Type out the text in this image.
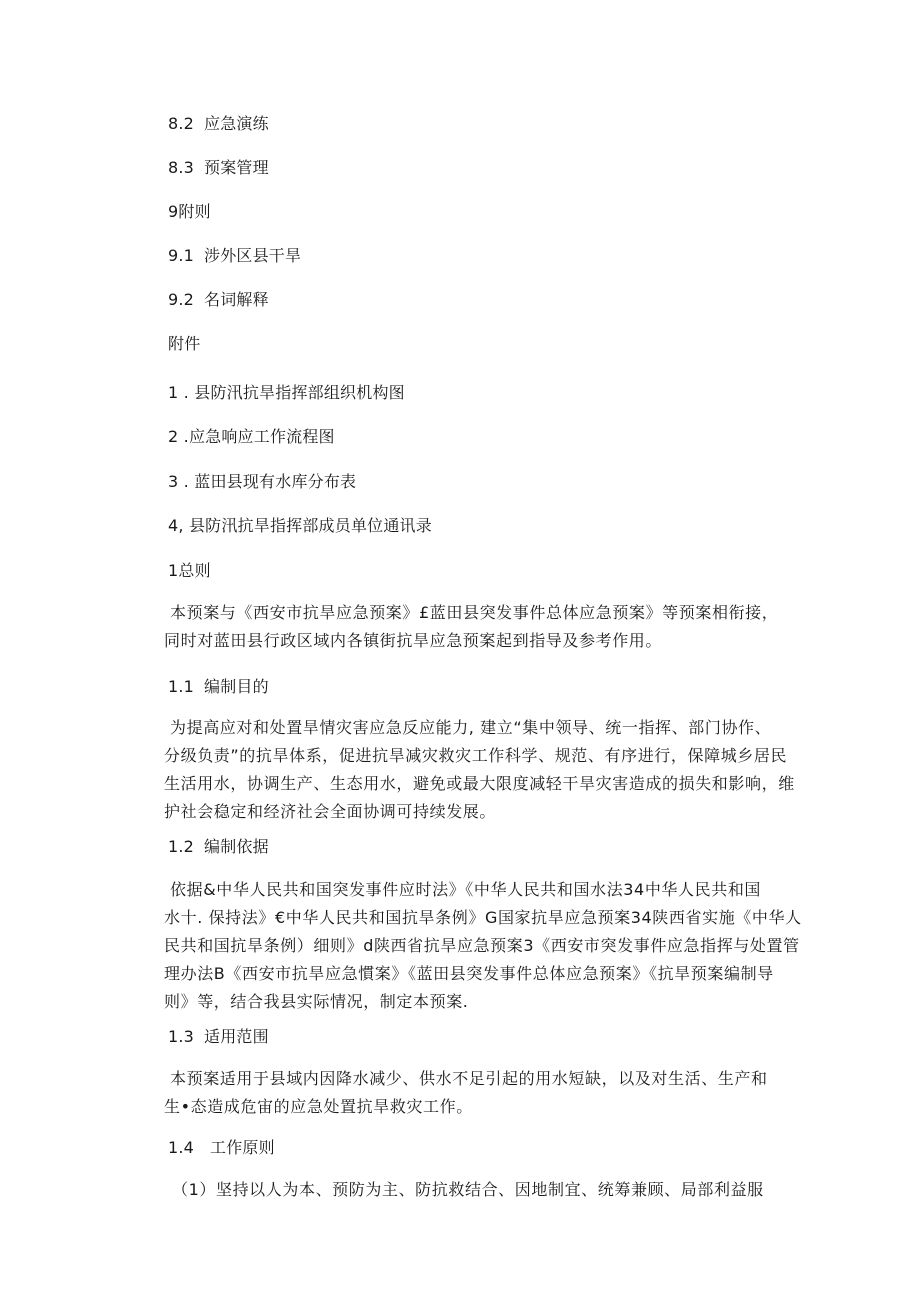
8.2 应急演练
8.3 预案管理
9附则
9.1 涉外区县干旱
9.2 名词解释
附件
1 . 县防汛抗旱指挥部组织机构图
2 .应急响应工作流程图
3 . 蓝田县现有水库分布表
4, 县防汛抗旱指挥部成员单位通讯录
1总则
本预案与《西安市抗旱应急预案》£蓝田县突发事件总体应急预案》等预案相衔接，
同时对蓝田县行政区域内各镇街抗旱应急预案起到指导及参考作用。
1.1 编制目的
为提高应对和处置旱情灾害应急反应能力, 建立“集中领导、统一指挥、部门协作、
分级负责”的抗旱体系，促进抗旱减灾救灾工作科学、规范、有序进行，保障城乡居民
生活用水，协调生产、生态用水，避免或最大限度减轻干旱灾害造成的损失和影响，维
护社会稳定和经济社会全面协调可持续发展。
1.2 编制依据
依据&中华人民共和国突发事件应时法》《中华人民共和国水法34中华人民共和国
水十. 保持法》€中华人民共和国抗旱条例》G国家抗旱应急预案34陕西省实施《中华人
民共和国抗旱条例）细则》d陕西省抗旱应急预案3《西安市突发事件应急指挥与处置管
理办法B《西安市抗旱应急慣案》《蓝田县突发事件总体应急预案》《抗旱预案编制导
则》等，结合我县实际情况，制定本预案.
1.3 适用范围
本预案适用于县域内因降水减少、供水不足引起的用水短缺，以及对生活、生产和
生•态造成危宙的应急处置抗旱救灾工作。
1.4 工作原则
（1）坚持以人为本、预防为主、防抗救结合、因地制宜、统筹兼顾、局部利益服
